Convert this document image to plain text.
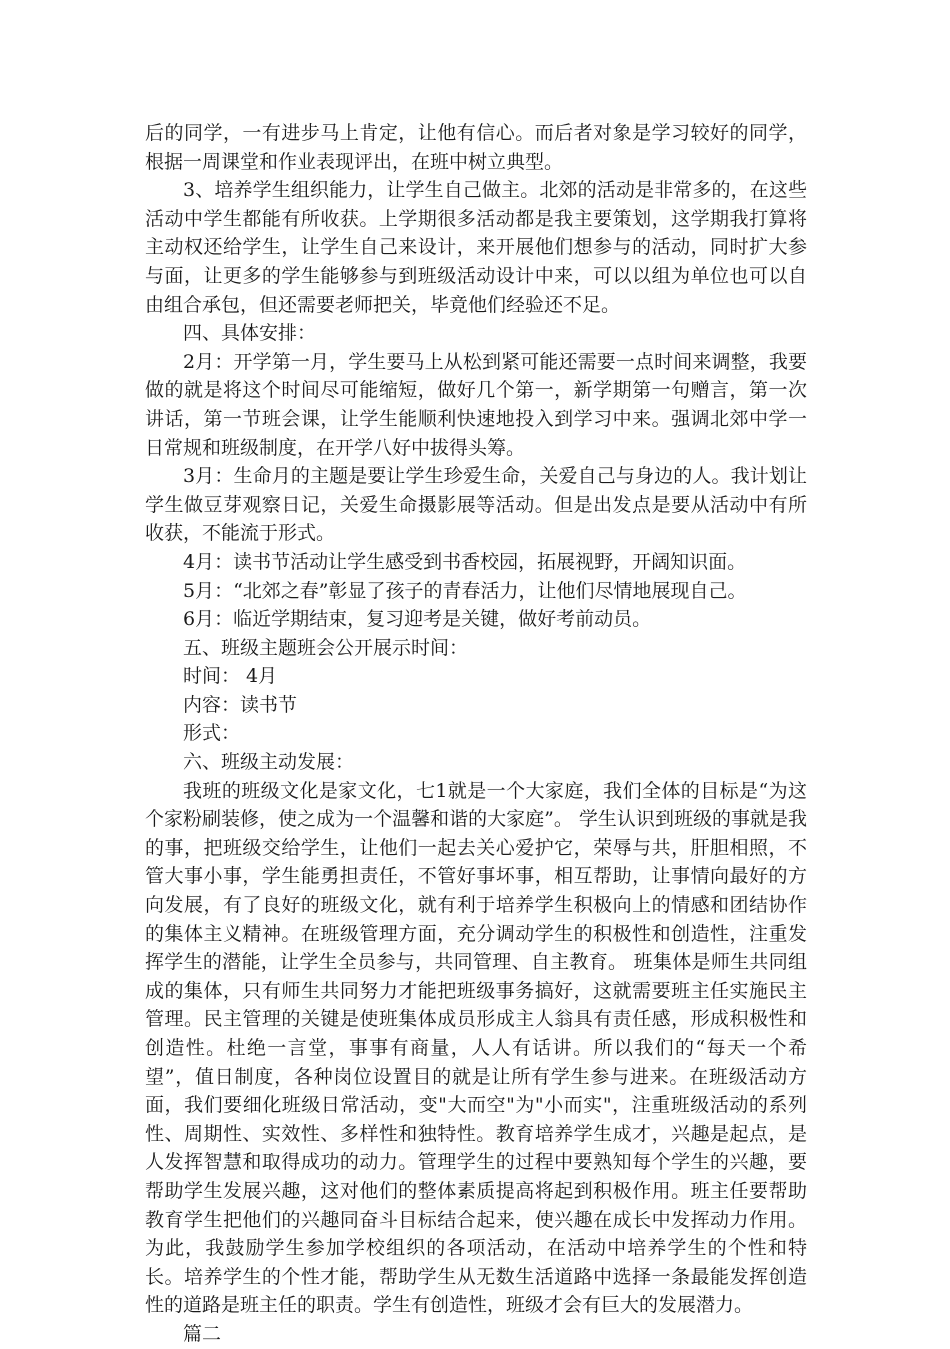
后的同学，一有进步马上肯定，让他有信心。而后者对象是学习较好的同学，根据一周课堂和作业表现评出，在班中树立典型。

3、培养学生组织能力，让学生自己做主。北郊的活动是非常多的，在这些活动中学生都能有所收获。上学期很多活动都是我主要策划，这学期我打算将主动权还给学生，让学生自己来设计，来开展他们想参与的活动，同时扩大参与面，让更多的学生能够参与到班级活动设计中来，可以以组为单位也可以自由组合承包，但还需要老师把关，毕竟他们经验还不足。

四、具体安排：

2月：开学第一月，学生要马上从松到紧可能还需要一点时间来调整，我要做的就是将这个时间尽可能缩短，做好几个第一，新学期第一句赠言，第一次讲话，第一节班会课，让学生能顺利快速地投入到学习中来。强调北郊中学一日常规和班级制度，在开学八好中拔得头筹。

3月：生命月的主题是要让学生珍爱生命，关爱自己与身边的人。我计划让学生做豆芽观察日记，关爱生命摄影展等活动。但是出发点是要从活动中有所收获，不能流于形式。

4月：读书节活动让学生感受到书香校园，拓展视野，开阔知识面。

5月：“北郊之春”彰显了孩子的青春活力，让他们尽情地展现自己。

6月：临近学期结束，复习迎考是关键，做好考前动员。

五、班级主题班会公开展示时间：

时间： 4月

内容：读书节

形式：

六、班级主动发展：

我班的班级文化是家文化，七1就是一个大家庭，我们全体的目标是“为这个家粉刷装修，使之成为一个温馨和谐的大家庭”。 学生认识到班级的事就是我的事，把班级交给学生，让他们一起去关心爱护它，荣辱与共，肝胆相照，不管大事小事，学生能勇担责任，不管好事坏事，相互帮助，让事情向最好的方向发展，有了良好的班级文化，就有利于培养学生积极向上的情感和团结协作的集体主义精神。在班级管理方面，充分调动学生的积极性和创造性，注重发挥学生的潜能，让学生全员参与，共同管理、自主教育。 班集体是师生共同组成的集体，只有师生共同努力才能把班级事务搞好，这就需要班主任实施民主管理。民主管理的关键是使班集体成员形成主人翁具有责任感，形成积极性和创造性。杜绝一言堂，事事有商量，人人有话讲。所以我们的“每天一个希望”，值日制度，各种岗位设置目的就是让所有学生参与进来。在班级活动方面，我们要细化班级日常活动，变"大而空"为"小而实"，注重班级活动的系列性、周期性、实效性、多样性和独特性。教育培养学生成才，兴趣是起点，是人发挥智慧和取得成功的动力。管理学生的过程中要熟知每个学生的兴趣，要帮助学生发展兴趣，这对他们的整体素质提高将起到积极作用。班主任要帮助教育学生把他们的兴趣同奋斗目标结合起来，使兴趣在成长中发挥动力作用。为此，我鼓励学生参加学校组织的各项活动，在活动中培养学生的个性和特长。培养学生的个性才能，帮助学生从无数生活道路中选择一条最能发挥创造性的道路是班主任的职责。学生有创造性，班级才会有巨大的发展潜力。

篇二
